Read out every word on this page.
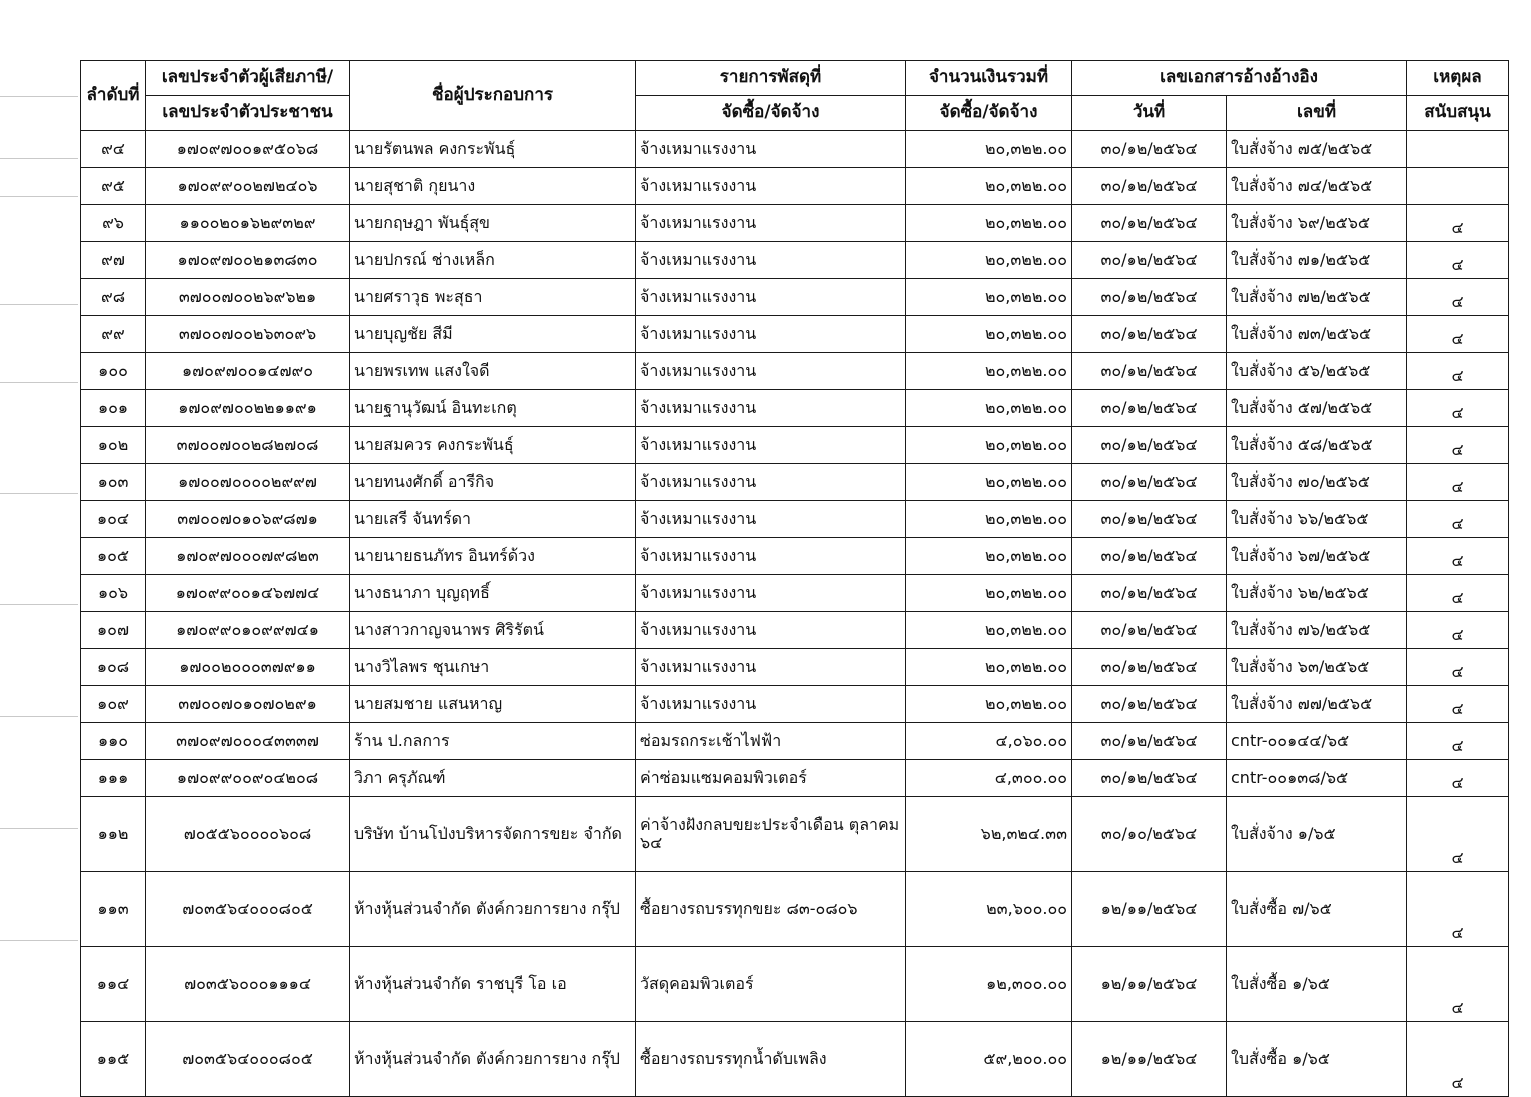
ลำดับที่	เลขประจำตัวผู้เสียภาษี/	ชื่อผู้ประกอบการ	รายการพัสดุที่	จำนวนเงินรวมที่	เลขเอกสารอ้างอ้างอิง		เหตุผล
	เลขประจำตัวประชาชน		จัดซื้อ/จัดจ้าง	จัดซื้อ/จัดจ้าง	วันที่	เลขที่	สนับสนุน
๙๔	๑๗๐๙๗๐๐๑๙๕๐๖๘	นายรัตนพล คงกระพันธุ์	จ้างเหมาแรงงาน	๒๐,๓๒๒.๐๐	๓๐/๑๒/๒๕๖๔	ใบสั่งจ้าง ๗๕/๒๕๖๕	
๙๕	๑๗๐๙๙๐๐๒๗๒๔๐๖	นายสุชาติ กุยนาง	จ้างเหมาแรงงาน	๒๐,๓๒๒.๐๐	๓๐/๑๒/๒๕๖๔	ใบสั่งจ้าง ๗๔/๒๕๖๕	
๙๖	๑๑๐๐๒๐๑๖๒๙๓๒๙	นายกฤษฎา พันธุ์สุข	จ้างเหมาแรงงาน	๒๐,๓๒๒.๐๐	๓๐/๑๒/๒๕๖๔	ใบสั่งจ้าง ๖๙/๒๕๖๕	๔
๙๗	๑๗๐๙๗๐๐๒๑๓๘๓๐	นายปกรณ์ ช่างเหล็ก	จ้างเหมาแรงงาน	๒๐,๓๒๒.๐๐	๓๐/๑๒/๒๕๖๔	ใบสั่งจ้าง ๗๑/๒๕๖๕	๔
๙๘	๓๗๐๐๗๐๐๒๖๙๖๒๑	นายศราวุธ พะสุธา	จ้างเหมาแรงงาน	๒๐,๓๒๒.๐๐	๓๐/๑๒/๒๕๖๔	ใบสั่งจ้าง ๗๒/๒๕๖๕	๔
๙๙	๓๗๐๐๗๐๐๒๖๓๐๙๖	นายบุญชัย สีมี	จ้างเหมาแรงงาน	๒๐,๓๒๒.๐๐	๓๐/๑๒/๒๕๖๔	ใบสั่งจ้าง ๗๓/๒๕๖๕	๔
๑๐๐	๑๗๐๙๗๐๐๑๔๗๙๐	นายพรเทพ แสงใจดี	จ้างเหมาแรงงาน	๒๐,๓๒๒.๐๐	๓๐/๑๒/๒๕๖๔	ใบสั่งจ้าง ๕๖/๒๕๖๕	๔
๑๐๑	๑๗๐๙๗๐๐๒๒๑๑๙๑	นายฐานุวัฒน์ อินทะเกตุ	จ้างเหมาแรงงาน	๒๐,๓๒๒.๐๐	๓๐/๑๒/๒๕๖๔	ใบสั่งจ้าง ๕๗/๒๕๖๕	๔
๑๐๒	๓๗๐๐๗๐๐๒๘๒๗๐๘	นายสมควร คงกระพันธุ์	จ้างเหมาแรงงาน	๒๐,๓๒๒.๐๐	๓๐/๑๒/๒๕๖๔	ใบสั่งจ้าง ๕๘/๒๕๖๕	๔
๑๐๓	๑๗๐๐๗๐๐๐๐๒๙๙๗	นายทนงศักดิ์ อารีกิจ	จ้างเหมาแรงงาน	๒๐,๓๒๒.๐๐	๓๐/๑๒/๒๕๖๔	ใบสั่งจ้าง ๗๐/๒๕๖๕	๔
๑๐๔	๓๗๐๐๗๐๑๐๖๙๘๗๑	นายเสรี จันทร์ดา	จ้างเหมาแรงงาน	๒๐,๓๒๒.๐๐	๓๐/๑๒/๒๕๖๔	ใบสั่งจ้าง ๖๖/๒๕๖๕	๔
๑๐๕	๑๗๐๙๗๐๐๐๗๙๘๒๓	นายนายธนภัทร อินทร์ด้วง	จ้างเหมาแรงงาน	๒๐,๓๒๒.๐๐	๓๐/๑๒/๒๕๖๔	ใบสั่งจ้าง ๖๗/๒๕๖๕	๔
๑๐๖	๑๗๐๙๙๐๐๑๔๖๗๗๔	นางธนาภา บุญฤทธิ์	จ้างเหมาแรงงาน	๒๐,๓๒๒.๐๐	๓๐/๑๒/๒๕๖๔	ใบสั่งจ้าง ๖๒/๒๕๖๕	๔
๑๐๗	๑๗๐๙๙๐๑๐๙๙๗๔๑	นางสาวกาญจนาพร ศิริรัตน์	จ้างเหมาแรงงาน	๒๐,๓๒๒.๐๐	๓๐/๑๒/๒๕๖๔	ใบสั่งจ้าง ๗๖/๒๕๖๕	๔
๑๐๘	๑๗๐๐๒๐๐๐๓๗๙๑๑	นางวิไลพร ชุนเกษา	จ้างเหมาแรงงาน	๒๐,๓๒๒.๐๐	๓๐/๑๒/๒๕๖๔	ใบสั่งจ้าง ๖๓/๒๕๖๕	๔
๑๐๙	๓๗๐๐๗๐๑๐๗๐๒๙๑	นายสมชาย แสนหาญ	จ้างเหมาแรงงาน	๒๐,๓๒๒.๐๐	๓๐/๑๒/๒๕๖๔	ใบสั่งจ้าง ๗๗/๒๕๖๕	๔
๑๑๐	๓๗๐๙๗๐๐๐๔๓๓๓๗	ร้าน ป.กลการ	ซ่อมรถกระเช้าไฟฟ้า	๔,๐๖๐.๐๐	๓๐/๑๒/๒๕๖๔	cntr-๐๐๑๔๔/๖๕	๔
๑๑๑	๑๗๐๙๙๐๐๙๐๔๒๐๘	วิภา ครุภัณฑ์	ค่าซ่อมแซมคอมพิวเตอร์	๔,๓๐๐.๐๐	๓๐/๑๒/๒๕๖๔	cntr-๐๐๑๓๘/๖๕	๔
๑๑๒	๗๐๕๕๖๐๐๐๐๖๐๘	บริษัท บ้านโป่งบริหารจัดการขยะ จำกัด	ค่าจ้างฝังกลบขยะประจำเดือน ตุลาคม ๖๔	๖๒,๓๒๔.๓๓	๓๐/๑๐/๒๕๖๔	ใบสั่งจ้าง ๑/๖๕	๔
๑๑๓	๗๐๓๕๖๔๐๐๐๘๐๕	ห้างหุ้นส่วนจำกัด ตังค์กวยการยาง กรุ๊ป	ซื้อยางรถบรรทุกขยะ ๘๓-๐๘๐๖	๒๓,๖๐๐.๐๐	๑๒/๑๑/๒๕๖๔	ใบสั่งซื้อ ๗/๖๕	๔
๑๑๔	๗๐๓๕๖๐๐๐๑๑๑๔	ห้างหุ้นส่วนจำกัด ราชบุรี โอ เอ	วัสดุคอมพิวเตอร์	๑๒,๓๐๐.๐๐	๑๒/๑๑/๒๕๖๔	ใบสั่งซื้อ ๑/๖๕	๔
๑๑๕	๗๐๓๕๖๔๐๐๐๘๐๕	ห้างหุ้นส่วนจำกัด ตังค์กวยการยาง กรุ๊ป	ซื้อยางรถบรรทุกน้ำดับเพลิง	๕๙,๒๐๐.๐๐	๑๒/๑๑/๒๕๖๔	ใบสั่งซื้อ ๑/๖๕	๔
